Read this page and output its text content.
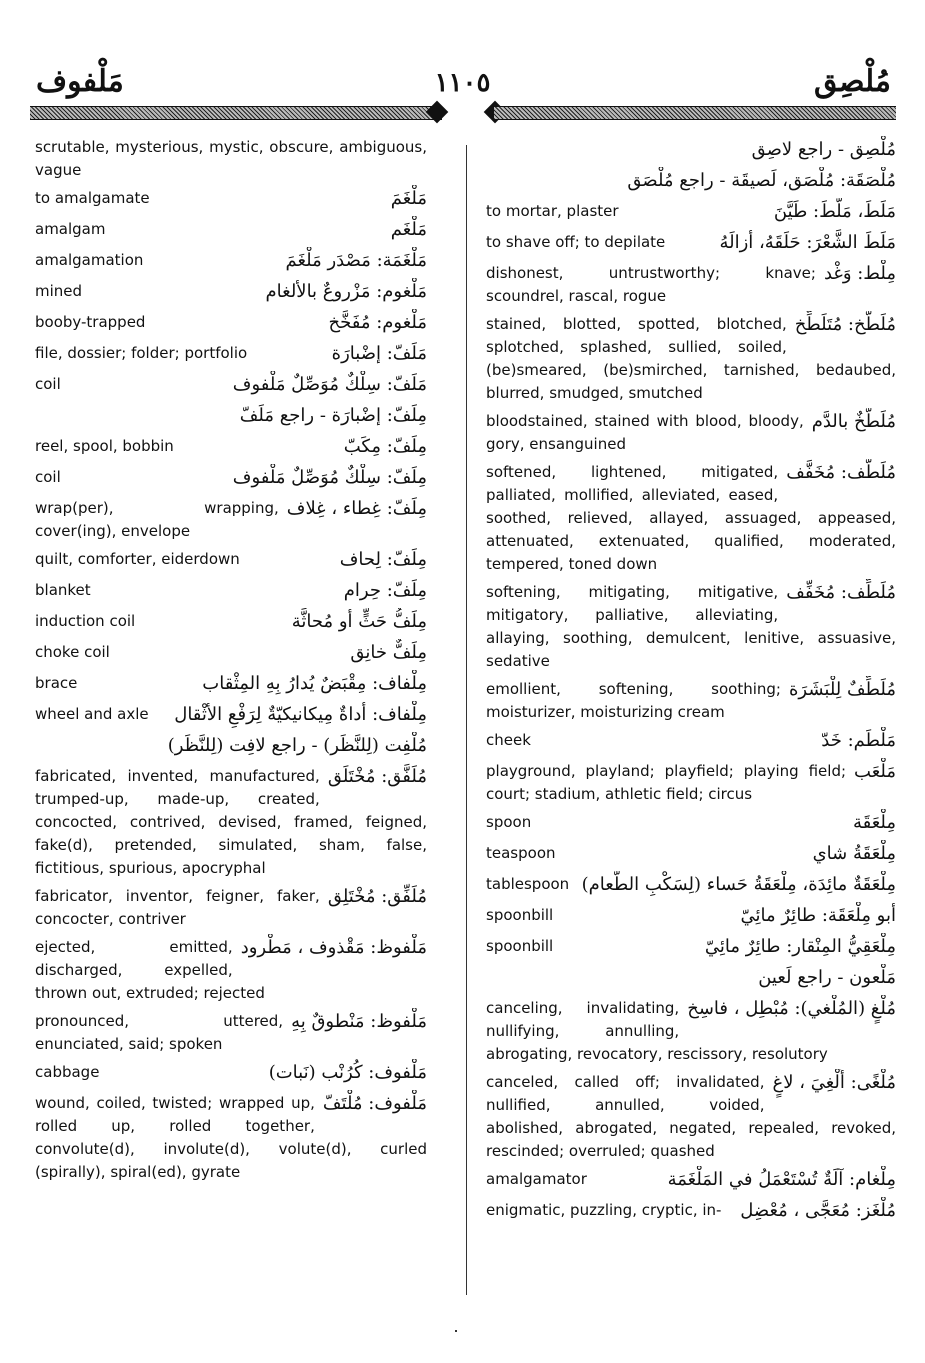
مَلْفوف	١١٠٥	مُلْصِق
scrutable, mysterious, mystic, obscure, ambiguous, vague
مَلْغَمَ
to amalgamate
مَلْغَم
amalgam
مَلْغَمَة: مَصْدَر مَلْغَمَ
amalgamation
مَلْغوم: مَزْروعٌ بالألغام
mined
مَلْغوم: مُفَخَّخ
booby-trapped
مَلَفّ: إضْبارَة
file, dossier; folder; portfolio
مَلَفّ: سِلْكٌ مُوَصِّلٌ مَلْفوف
coil
مِلَفّ: إضْبارَة - راجع مَلَفّ
مِلَفّ: مِكَبّ
reel, spool, bobbin
مِلَفّ: سِلْكٌ مُوَصِّلٌ مَلْفوف
coil
مِلَفّ: غِطاء ، غِلاف
wrap(per), wrapping, cover(ing), envelope
مِلَفّ: لِحاف
quilt, comforter, eiderdown
مِلَفّ: حِرام
blanket
مِلَفُّ حَثٍّ أو مُحاثَّة
induction coil
مِلَفٌّ خانِق
choke coil
مِلْفاف: مِقْبَضٌ يُدارُ بِهِ المِثْقاب
brace
مِلْفاف: أداةٌ مِيكانيكيّةٌ لِرَفْعِ الأثْقال
wheel and axle
مُلْفِت (لِلنَّظَر) - راجع لافِت (لِلنَّظَر)
مُلَفَّق: مُخْتَلَق
fabricated, invented, manufactured, trumped-up, made-up, created, concocted, contrived, devised, framed, feigned, fake(d), pretended, simulated, sham, false, fictitious, spurious, apocryphal
مُلَفِّق: مُخْتَلِق
fabricator, inventor, feigner, faker, concocter, contriver
مَلْفوظ: مَقْذوف ، مَطْرود
ejected, emitted, discharged, expelled, thrown out, extruded; rejected
مَلْفوظ: مَنْطوقٌ بِهِ
pronounced, uttered, enunciated, said; spoken
مَلْفوف: كُرُنْب (نَبات)
cabbage
مَلْفوف: مُلْتَفّ
wound, coiled, twisted; wrapped up, rolled up, rolled together, convolute(d), involute(d), volute(d), curled (spirally), spiral(ed), gyrate
مُلْصِق - راجع لاصِق
مُلْصَقَة: مُلْصَق، لَصيقَة - راجع مُلْصَق
مَلَطَ، مَلَّطَ: طَيَّنَ
to mortar, plaster
مَلَطَ الشَّعْرَ: حَلَقَهُ، أزالَهُ
to shave off; to depilate
مِلْط: وَغْد
dishonest, untrustworthy; knave; scoundrel, rascal, rogue
مُلَطَّخ: مُتَلَطِّخ
stained, blotted, spotted, blotched, splotched, splashed, sullied, soiled, (be)smeared, (be)smirched, tarnished, bedaubed, blurred, smudged, smutched
مُلَطَّخٌ بالدَّم
bloodstained, stained with blood, bloody, gory, ensanguined
مُلَطَّف: مُخَفَّف
softened, lightened, mitigated, palliated, mollified, alleviated, eased, soothed, relieved, allayed, assuaged, appeased, attenuated, extenuated, qualified, moderated, tempered, toned down
مُلَطِّف: مُخَفِّف
softening, mitigating, mitigative, mitigatory, palliative, alleviating, allaying, soothing, demulcent, lenitive, assuasive, sedative
مُلَطِّفٌ لِلْبَشَرَة
emollient, softening, soothing; moisturizer, moisturizing cream
مَلْطَم: خَدّ
cheek
مَلْعَب
playground, playland; playfield; playing field; court; stadium, athletic field; circus
مِلْعَقَة
spoon
مِلْعَقَةُ شاي
teaspoon
مِلْعَقَةٌ مائِدَة، مِلْعَقَةُ حَساء (لِسَكْبِ الطَّعام)
tablespoon
أبو مِلْعَقَة: طائِرٌ مائِيّ
spoonbill
مِلْعَقِيُّ المِنْقار: طائِرٌ مائِيّ
spoonbill
مَلْعون - راجع لَعين
مُلْغٍ (المُلْغي): مُبْطِل ، فاسِخ
canceling, invalidating, nullifying, annulling, abrogating, revocatory, rescissory, resolutory
مُلْغًى: أُلْغِيَ ، لاغٍ
canceled, called off; invalidated, nullified, annulled, voided, abolished, abrogated, negated, repealed, revoked, rescinded; overruled; quashed
مِلْغام: آلَةٌ تُسْتَعْمَلُ في المَلْغَمَة
amalgamator
مُلْغَز: مُعَجَّى ، مُعْضِل
enigmatic, puzzling, cryptic, in-
